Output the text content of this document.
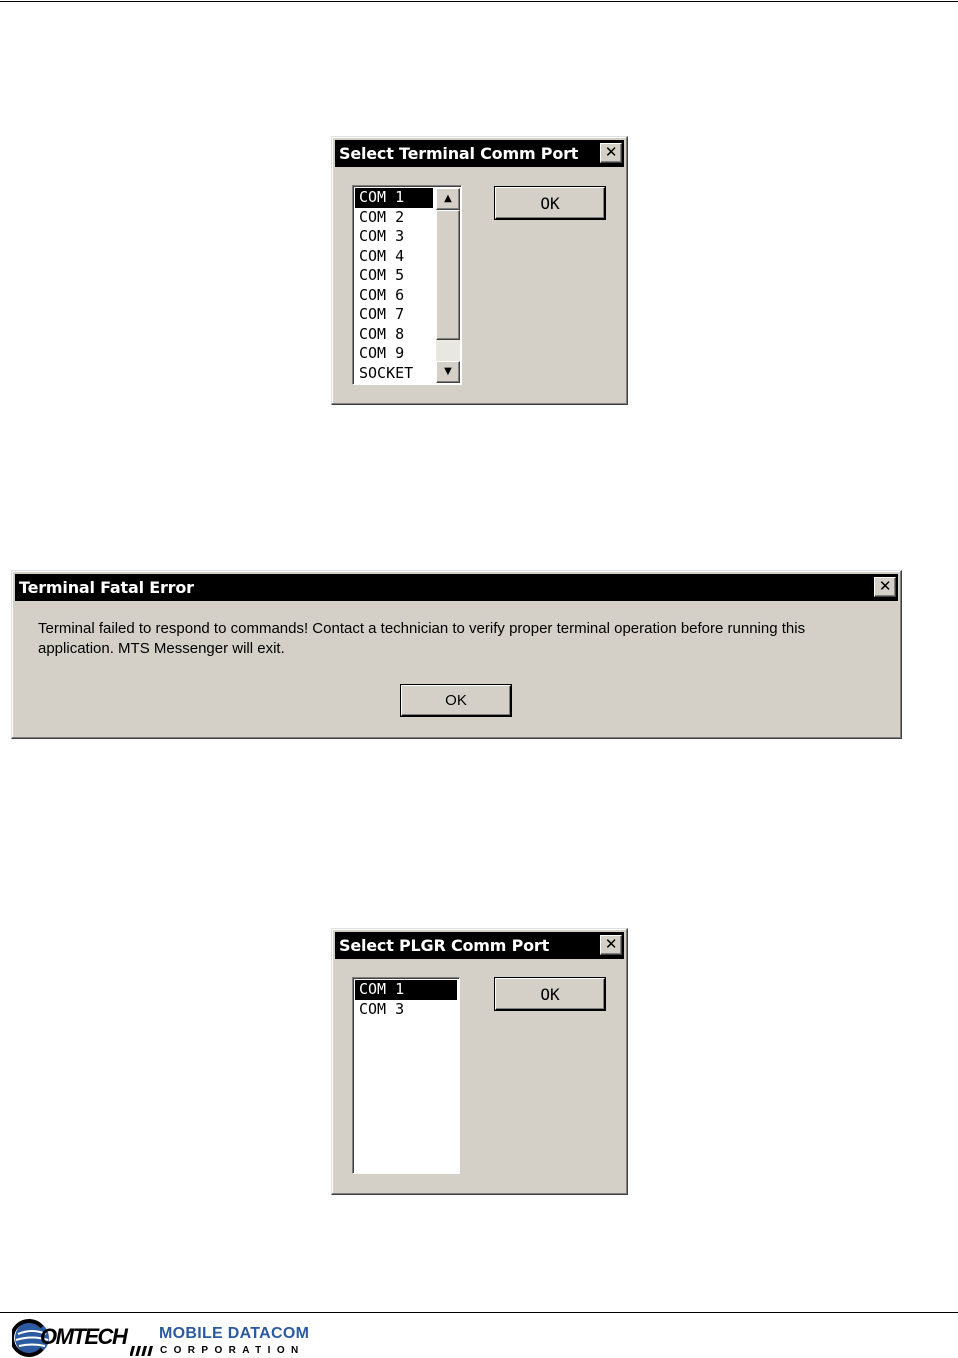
Select Terminal Comm Port	✕
COM 1
COM 2
COM 3
COM 4
COM 5
COM 6
COM 7
COM 8
COM 9
SOCKET
▲
▼
OK
Terminal Fatal Error	✕
Terminal failed to respond to commands! Contact a technician to verify proper terminal operation before running this
application. MTS Messenger will exit.
OK
Select PLGR Comm Port	✕
COM 1
COM 3
OK
OMTECH MOBILE DATACOM
CORPORATION
